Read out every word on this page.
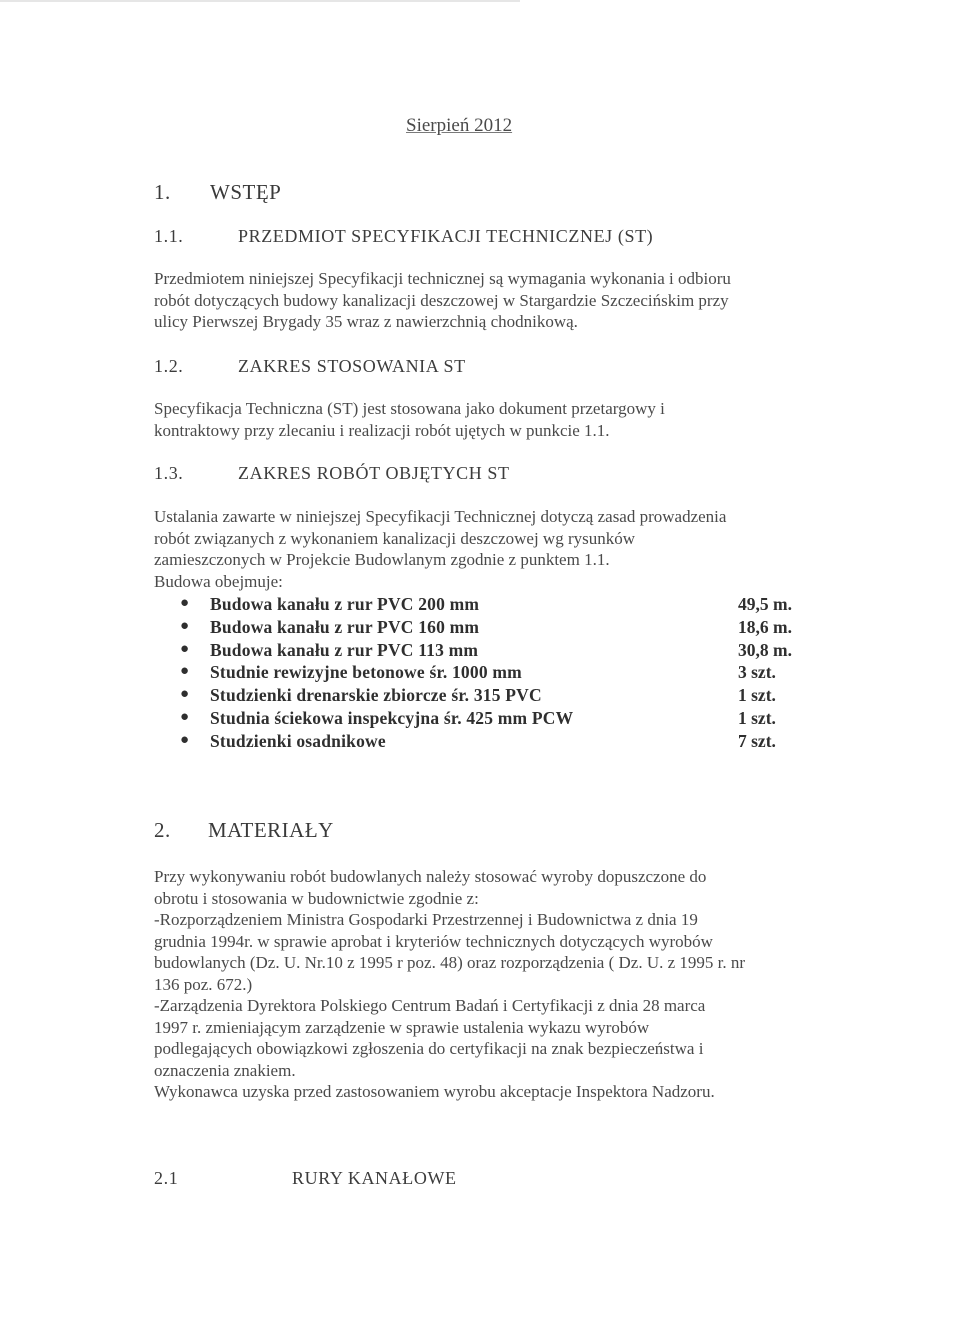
Sierpień 2012
1. WSTĘP
1.1.	PRZEDMIOT SPECYFIKACJI TECHNICZNEJ (ST)

Przedmiotem niniejszej Specyfikacji technicznej są wymagania wykonania i odbioru
robót dotyczących budowy kanalizacji deszczowej w Stargardzie Szczecińskim przy
ulicy Pierwszej Brygady 35 wraz z nawierzchnią chodnikową.

1.2.	ZAKRES STOSOWANIA ST

Specyfikacja Techniczna (ST) jest stosowana jako dokument przetargowy i
kontraktowy przy zlecaniu i realizacji robót ujętych w punkcie 1.1.

1.3.	ZAKRES ROBÓT OBJĘTYCH ST

Ustalania zawarte w niniejszej Specyfikacji Technicznej dotyczą zasad prowadzenia
robót związanych z wykonaniem kanalizacji deszczowej wg rysunków
zamieszczonych w Projekcie Budowlanym zgodnie z punktem 1.1.
Budowa obejmuje:

● Budowa kanału z rur PVC 200 mm	49,5 m.
● Budowa kanału z rur PVC 160 mm	18,6 m.
● Budowa kanału z rur PVC 113 mm	30,8 m.
● Studnie rewizyjne betonowe śr. 1000 mm	3 szt.
● Studzienki drenarskie zbiorcze śr. 315 PVC	1 szt.
● Studnia ściekowa inspekcyjna śr. 425 mm PCW	1 szt.
● Studzienki osadnikowe	7 szt.
2. MATERIAŁY

Przy wykonywaniu robót budowlanych należy stosować wyroby dopuszczone do
obrotu i stosowania w budownictwie zgodnie z:
-Rozporządzeniem Ministra Gospodarki Przestrzennej i Budownictwa z dnia 19
grudnia 1994r. w sprawie aprobat i kryteriów technicznych dotyczących wyrobów
budowlanych (Dz. U. Nr.10 z 1995 r poz. 48) oraz rozporządzenia ( Dz. U. z 1995 r. nr
136 poz. 672.)
-Zarządzenia Dyrektora Polskiego Centrum Badań i Certyfikacji z dnia 28 marca
1997 r. zmieniającym zarządzenie w sprawie ustalenia wykazu wyrobów
podlegających obowiązkowi zgłoszenia do certyfikacji na znak bezpieczeństwa i
oznaczenia znakiem.
Wykonawca uzyska przed zastosowaniem wyrobu akceptacje Inspektora Nadzoru.

2.1	RURY KANAŁOWE
